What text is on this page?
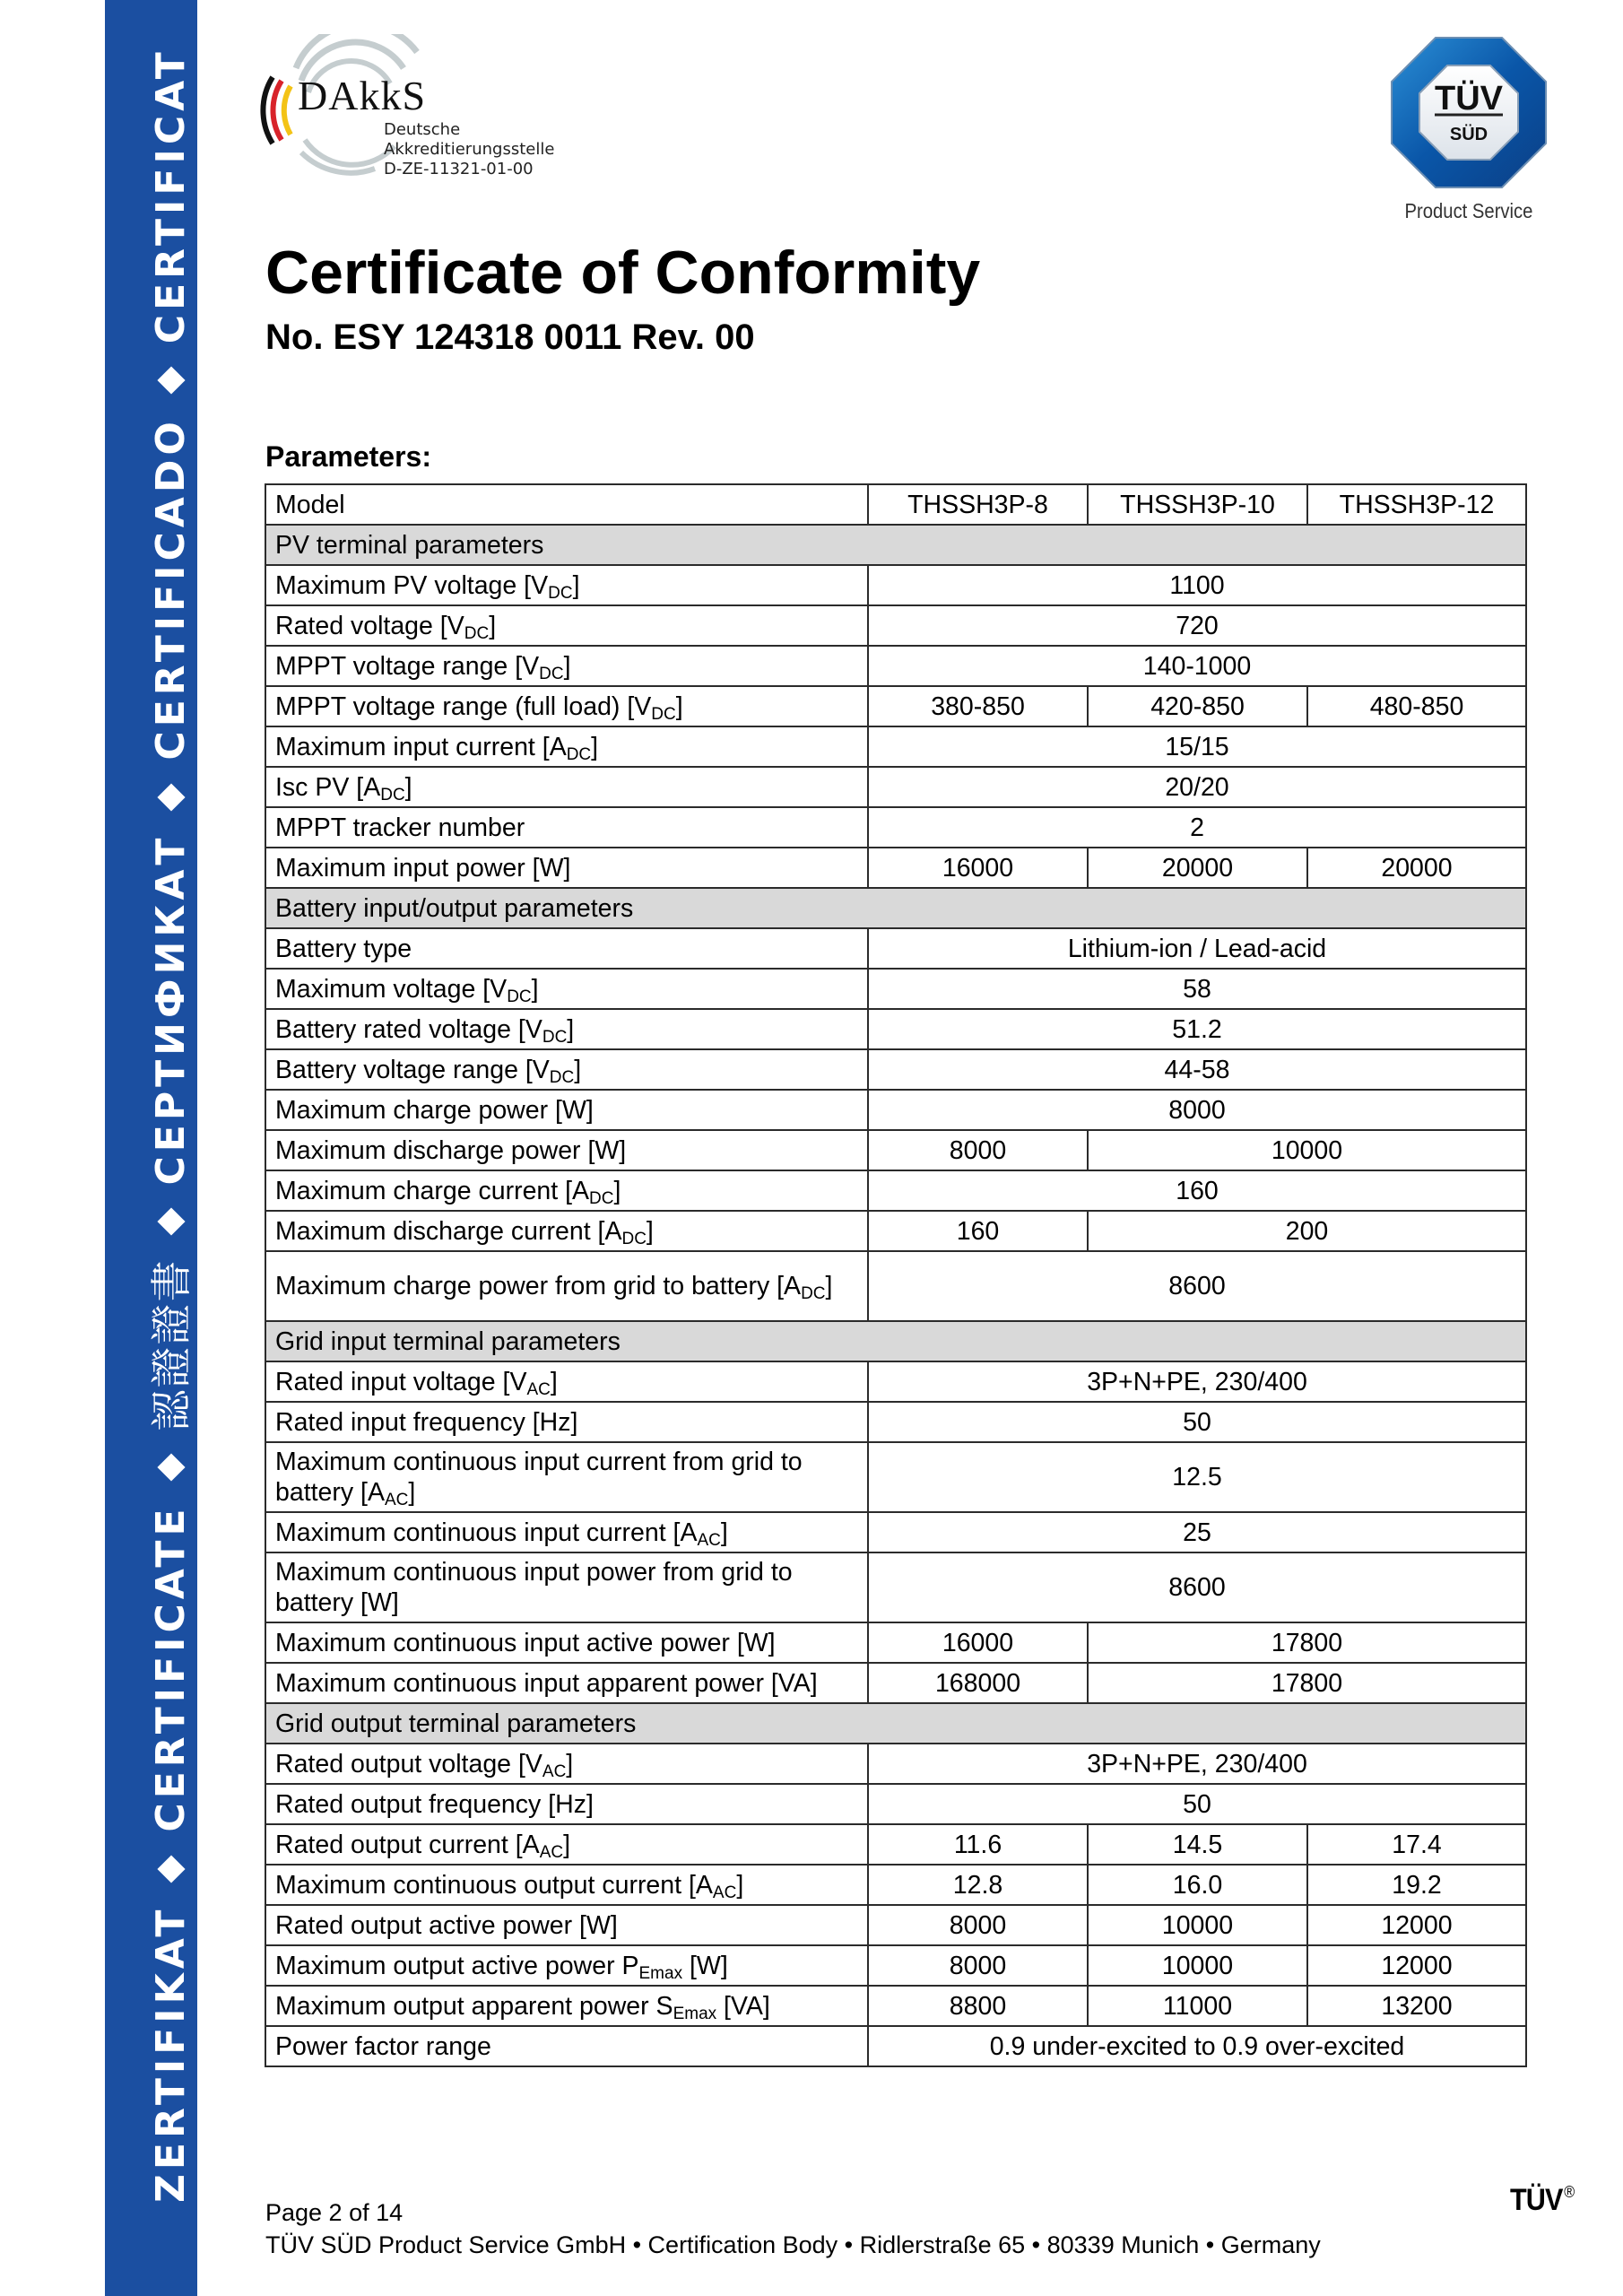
ZERTIFIKAT
CERTIFICATE
認證證書
СЕРТИФИКАТ
CERTIFICADO
CERTIFICAT	DAkkS
Deutsche
Akkreditierungsstelle
D-ZE-11321-01-00
TÜV
SÜD
Product Service
Certificate of Conformity
No. ESY 124318 0011 Rev. 00
Parameters:
Model	THSSH3P-8	THSSH3P-10	THSSH3P-12
PV terminal parameters			
Maximum PV voltage $[V_{DC}]$	1100		
Rated voltage $[V_{DC}]$	720		
MPPT voltage range $[V_{DC}]$	140-1000		
MPPT voltage range (full load) $[V_{DC}]$	380-850	420-850	480-850
Maximum input current $[A_{DC}]$	15/15		
Isc PV $[A_{DC}]$	20/20		
MPPT tracker number	2		
Maximum input power [W]	16000	20000	20000
Battery input/output parameters			
Battery type	Lithium-ion / Lead-acid		
Maximum voltage $[V_{DC}]$	58		
Battery rated voltage $[V_{DC}]$	51.2		
Battery voltage range $[V_{DC}]$	44-58		
Maximum charge power [W]	8000		
Maximum discharge power [W]	8000	10000	
Maximum charge current $[A_{DC}]$	160		
Maximum discharge current $[A_{DC}]$	160	200	
Maximum charge power from grid to battery $[A_{DC}]$	8600		
Grid input terminal parameters			
Rated input voltage $[V_{AC}]$	3P+N+PE, 230/400		
Rated input frequency [Hz]	50		
Maximum continuous input current from grid to battery $[A_{AC}]$	12.5		
Maximum continuous input current $[A_{AC}]$	25		
Maximum continuous input power from grid to battery [W]	8600		
Maximum continuous input active power [W]	16000	17800	
Maximum continuous input apparent power [VA]	168000	17800	
Grid output terminal parameters			
Rated output voltage $[V_{AC}]$	3P+N+PE, 230/400		
Rated output frequency [Hz]	50		
Rated output current $[A_{AC}]$	11.6	14.5	17.4
Maximum continuous output current $[A_{AC}]$	12.8	16.0	19.2
Rated output active power [W]	8000	10000	12000
Maximum output active power $P_{Emax}$ [W]	8000	10000	12000
Maximum output apparent power $S_{Emax}$ [VA]	8800	11000	13200
Power factor range	0.9 under-excited to 0.9 over-excited		
Page 2 of 14
TÜV SÜD Product Service GmbH • Certification Body • Ridlerstraße 65 • 80339 Munich • Germany
TÜV ®
